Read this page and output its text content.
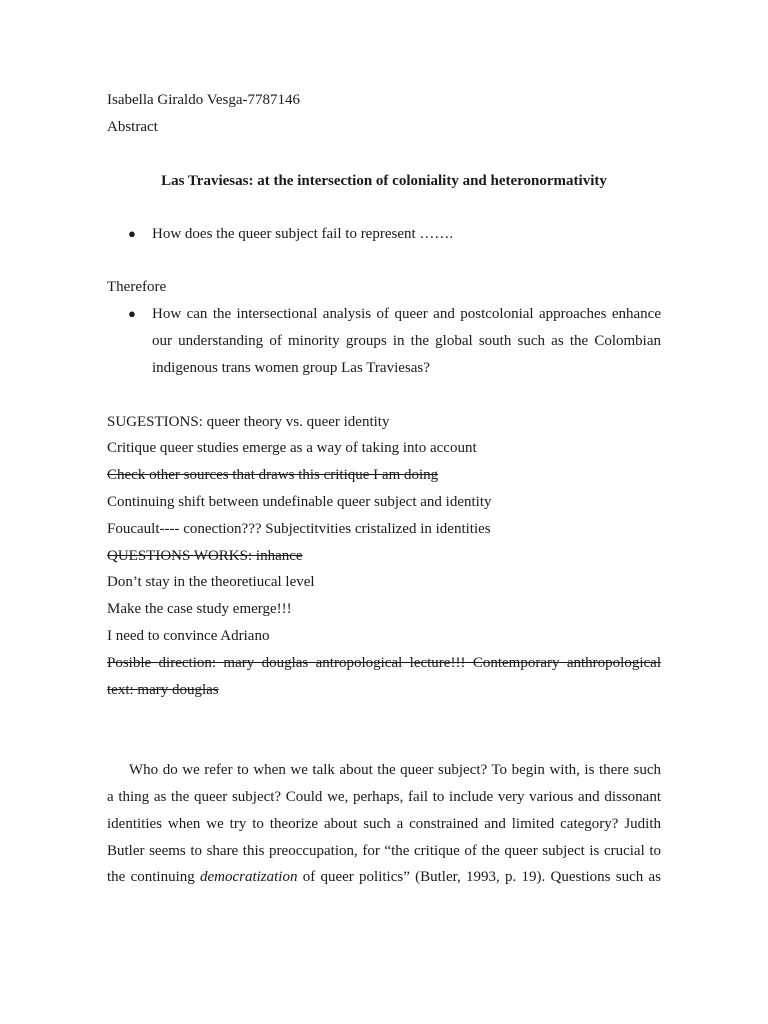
Isabella Giraldo Vesga-7787146
Abstract
Las Traviesas: at the intersection of coloniality and heteronormativity
● How does the queer subject fail to represent …….
Therefore
● How can the intersectional analysis of queer and postcolonial approaches enhance
our understanding of minority groups in the global south such as the Colombian
indigenous trans women group Las Traviesas?
SUGESTIONS: queer theory vs. queer identity
Critique queer studies emerge as a way of taking into account
Check other sources that draws this critique I am doing
Continuing shift between undefinable queer subject and identity
Foucault---- conection??? Subjectitvities cristalized in identities
QUESTIONS WORKS: inhance
Don’t stay in the theoretiucal level
Make the case study emerge!!!
I need to convince Adriano
Posible direction: mary douglas antropological lecture!!! Contemporary anthropological
text: mary douglas
Who do we refer to when we talk about the queer subject? To begin with, is there such
a thing as the queer subject? Could we, perhaps, fail to include very various and dissonant
identities when we try to theorize about such a constrained and limited category? Judith
Butler seems to share this preoccupation, for “the critique of the queer subject is crucial to
the continuing democratization of queer politics” (Butler, 1993, p. 19). Questions such as
